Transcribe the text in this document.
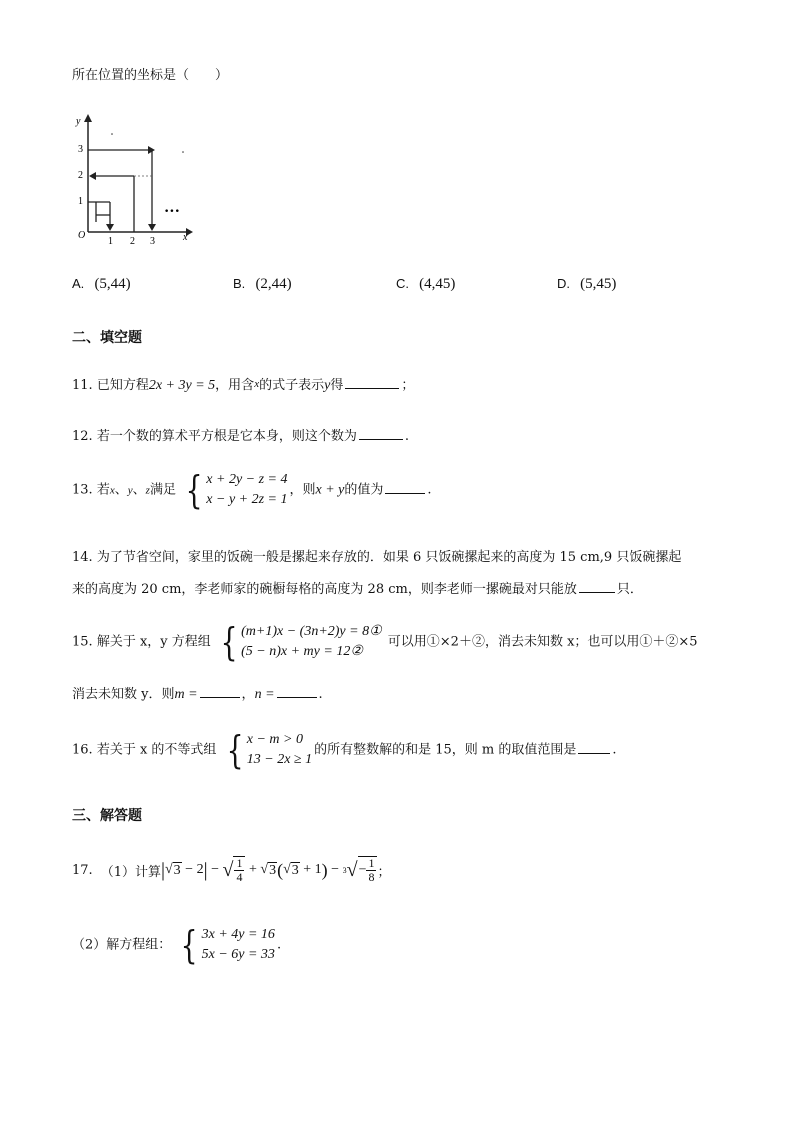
所在位置的坐标是（　　）
y
x
O
3
2
1
1 2 3
•••
A. (5,44)	B. (2,44)	C. (4,45)	D. (5,45)
二、填空题
11. 已知方程2x + 3y = 5，用含x的式子表示y得	；
12. 若一个数的算术平方根是它本身，则这个数为	.
13. 若x、y、z满足 { x + 2y − z = 4
x − y + 2z = 1
，则x + y的值为	.
14. 为了节省空间，家里的饭碗一般是摞起来存放的．如果 6 只饭碗摞起来的高度为 15 cm,9 只饭碗摞起
来的高度为 20 cm，李老师家的碗橱每格的高度为 28 cm，则李老师一摞碗最对只能放	只．
15. 解关于 x，y 方程组 { (m+1)x − (3n+2)y = 8①
(5 − n)x + my = 12②
可以用①×2＋②，消去未知数 x；也可以用①＋②×5
消去未知数 y．则m =	，n =	.
16. 若关于 x 的不等式组 { x − m > 0
13 − 2x ≥ 1
的所有整数解的和是 15，则 m 的取值范围是	.
三、解答题
17. （1）计算 | √ 3 − 2 | − √ $\frac{1}{4}$ + √ 3 ( √ 3 + 1 ) − 3 √ − $\frac{1}{8}$ ；
（2）解方程组： { 3x + 4y = 16
5x − 6y = 33
.
